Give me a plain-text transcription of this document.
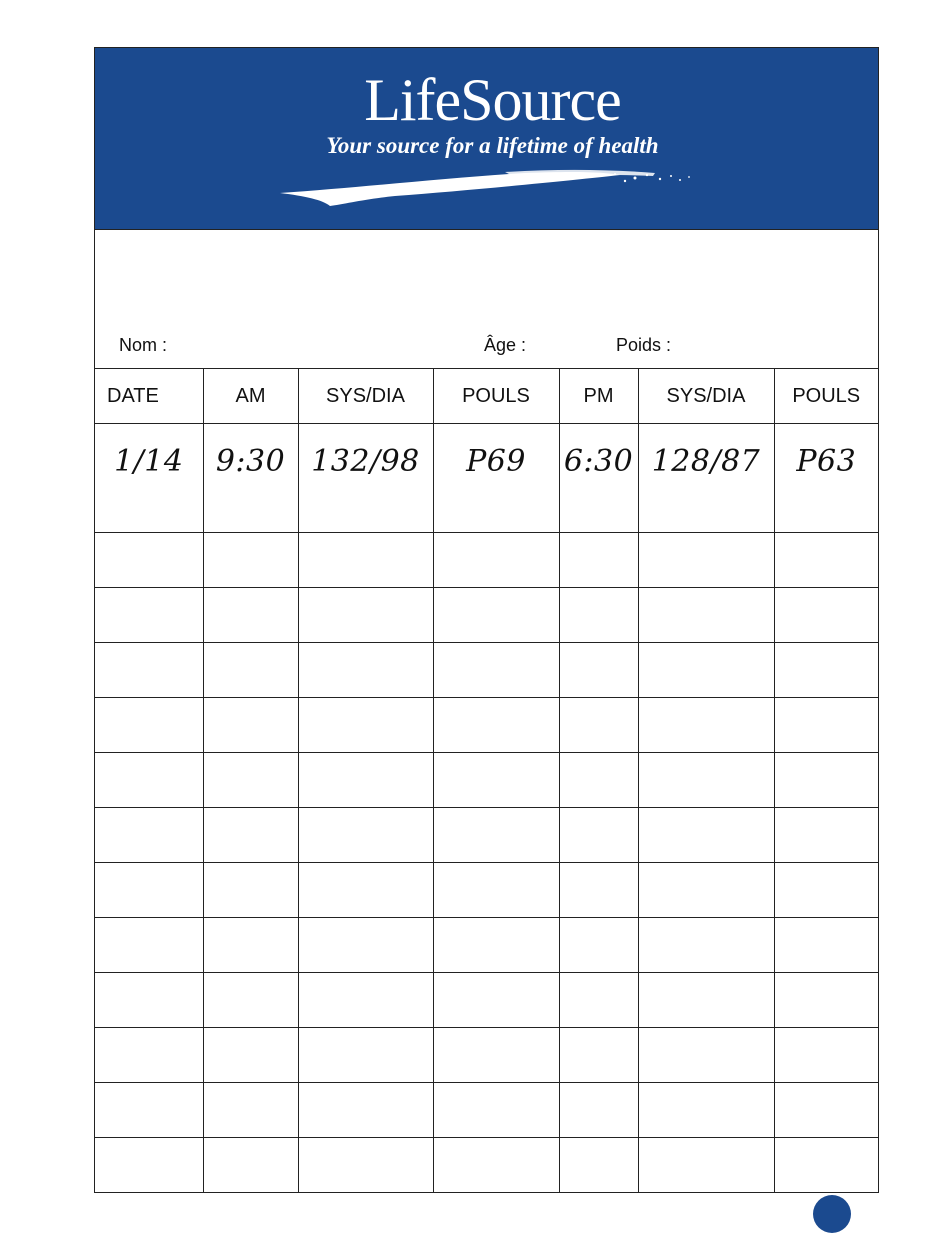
LifeSource
Your source for a lifetime of health
Nom :	Âge :	Poids :
DATE	AM	SYS/DIA	POULS	PM	SYS/DIA	POULS
1/14	9:30	132/98	P69	6:30	128/87	P63
